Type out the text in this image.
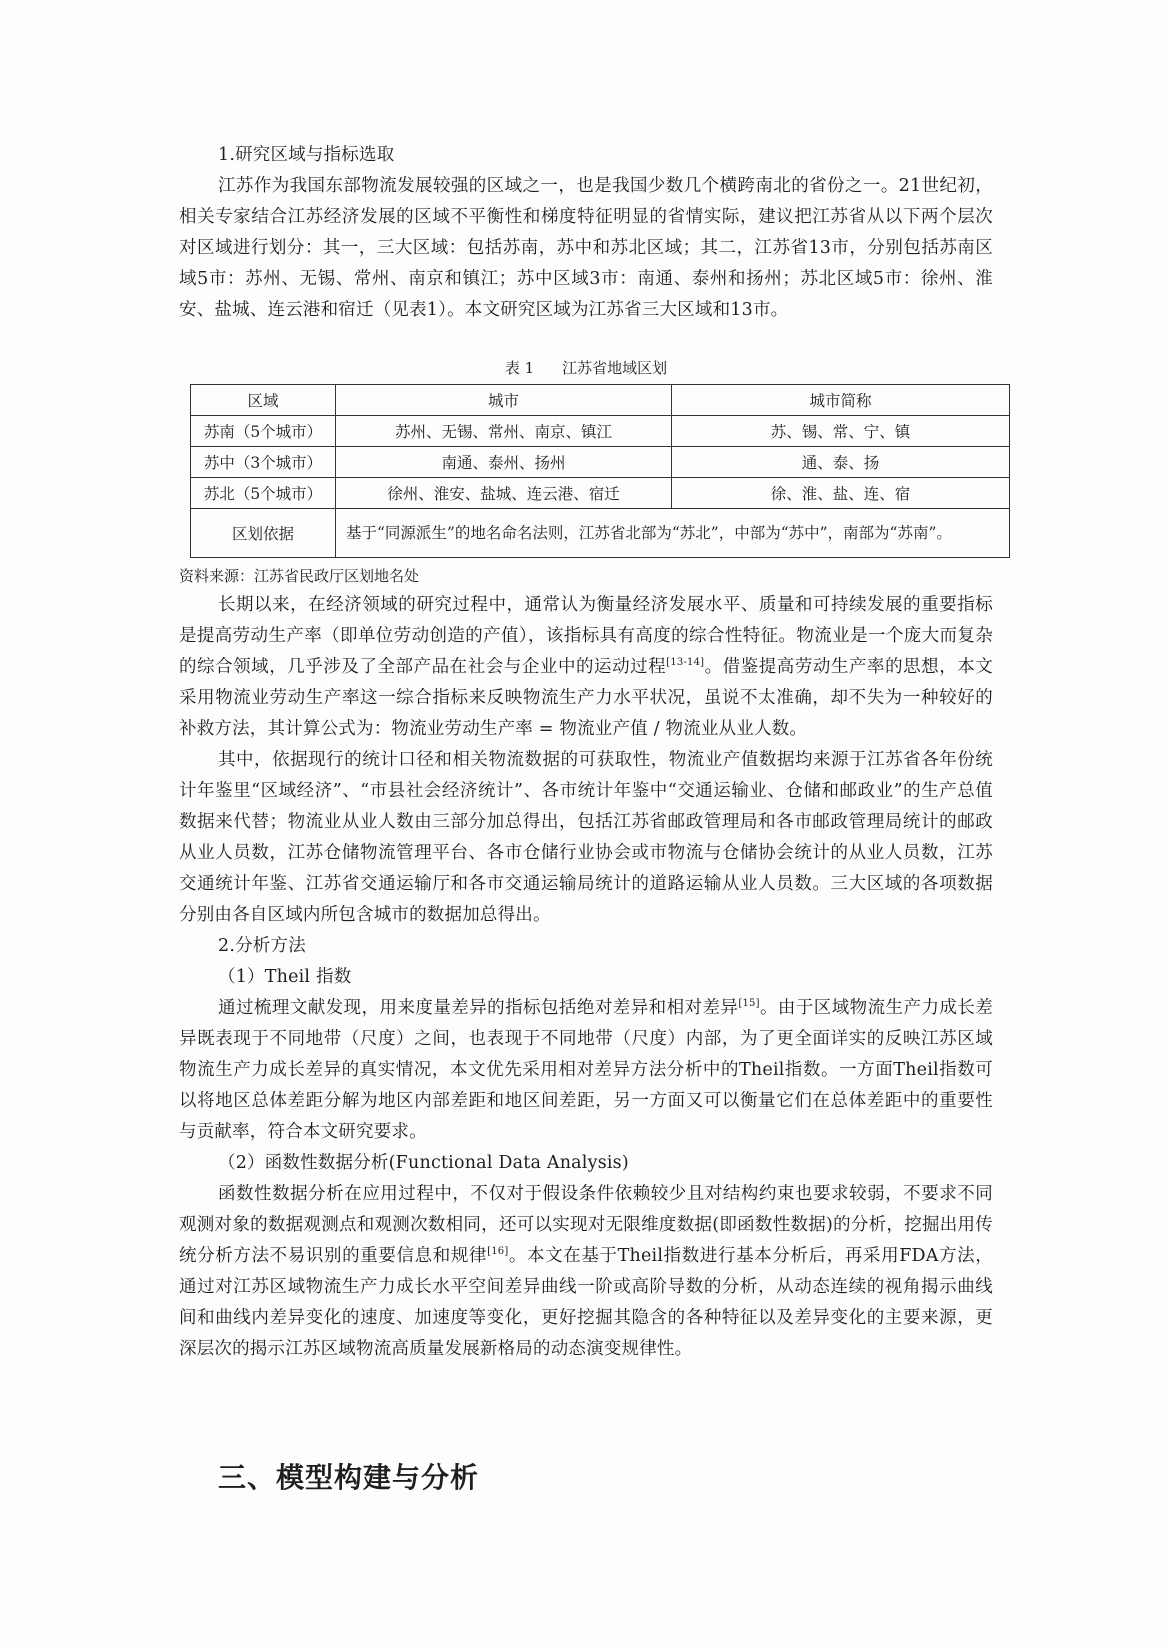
1.研究区域与指标选取

江苏作为我国东部物流发展较强的区域之一，也是我国少数几个横跨南北的省份之一。21世纪初，相关专家结合江苏经济发展的区域不平衡性和梯度特征明显的省情实际，建议把江苏省从以下两个层次对区域进行划分：其一，三大区域：包括苏南，苏中和苏北区域；其二，江苏省13市，分别包括苏南区域5市：苏州、无锡、常州、南京和镇江；苏中区域3市：南通、泰州和扬州；苏北区域5市：徐州、淮安、盐城、连云港和宿迁（见表1）。本文研究区域为江苏省三大区域和13市。

表 1 江苏省地域区划
区域	城市	城市简称
苏南（5个城市）	苏州、无锡、常州、南京、镇江	苏、锡、常、宁、镇
苏中（3个城市）	南通、泰州、扬州	通、泰、扬
苏北（5个城市）	徐州、淮安、盐城、连云港、宿迁	徐、淮、盐、连、宿
区划依据	基于“同源派生”的地名命名法则，江苏省北部为“苏北”，中部为“苏中”，南部为“苏南”。	
资料来源：江苏省民政厅区划地名处

长期以来，在经济领域的研究过程中，通常认为衡量经济发展水平、质量和可持续发展的重要指标是提高劳动生产率（即单位劳动创造的产值），该指标具有高度的综合性特征。物流业是一个庞大而复杂的综合领域，几乎涉及了全部产品在社会与企业中的运动过程[13-14]。借鉴提高劳动生产率的思想，本文采用物流业劳动生产率这一综合指标来反映物流生产力水平状况，虽说不太准确，却不失为一种较好的补救方法，其计算公式为：物流业劳动生产率 = 物流业产值 / 物流业从业人数。

其中，依据现行的统计口径和相关物流数据的可获取性，物流业产值数据均来源于江苏省各年份统计年鉴里“区域经济”、“市县社会经济统计”、各市统计年鉴中“交通运输业、仓储和邮政业”的生产总值数据来代替；物流业从业人数由三部分加总得出，包括江苏省邮政管理局和各市邮政管理局统计的邮政从业人员数，江苏仓储物流管理平台、各市仓储行业协会或市物流与仓储协会统计的从业人员数，江苏交通统计年鉴、江苏省交通运输厅和各市交通运输局统计的道路运输从业人员数。三大区域的各项数据分别由各自区域内所包含城市的数据加总得出。

2.分析方法

（1）Theil 指数

通过梳理文献发现，用来度量差异的指标包括绝对差异和相对差异[15]。由于区域物流生产力成长差异既表现于不同地带（尺度）之间，也表现于不同地带（尺度）内部，为了更全面详实的反映江苏区域物流生产力成长差异的真实情况，本文优先采用相对差异方法分析中的Theil指数。一方面Theil指数可以将地区总体差距分解为地区内部差距和地区间差距，另一方面又可以衡量它们在总体差距中的重要性与贡献率，符合本文研究要求。

（2）函数性数据分析(Functional Data Analysis)

函数性数据分析在应用过程中，不仅对于假设条件依赖较少且对结构约束也要求较弱，不要求不同观测对象的数据观测点和观测次数相同，还可以实现对无限维度数据(即函数性数据)的分析，挖掘出用传统分析方法不易识别的重要信息和规律[16]。本文在基于Theil指数进行基本分析后，再采用FDA方法，通过对江苏区域物流生产力成长水平空间差异曲线一阶或高阶导数的分析，从动态连续的视角揭示曲线间和曲线内差异变化的速度、加速度等变化，更好挖掘其隐含的各种特征以及差异变化的主要来源，更深层次的揭示江苏区域物流高质量发展新格局的动态演变规律性。

三、模型构建与分析
